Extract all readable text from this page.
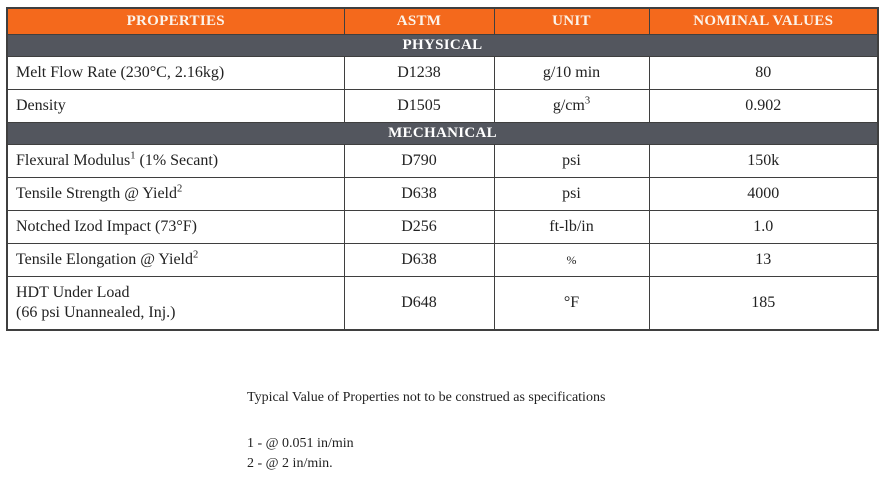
PROPERTIES	ASTM	UNIT	NOMINAL VALUES
PHYSICAL			
Melt Flow Rate (230°C, 2.16kg)	D1238	g/10 min	80
Density	D1505	$g/cm^3$	0.902
MECHANICAL			
Flexural Modulus$^1$ (1% Secant)	D790	psi	150k
Tensile Strength @ Yield$^2$	D638	psi	4000
Notched Izod Impact (73°F)	D256	ft-lb/in	1.0
Tensile Elongation @ Yield$^2$	D638	%	13
HDT Under Load
(66 psi Unannealed, Inj.)	D648	°F	185
Typical Value of Properties not to be construed as specifications
1 - @ 0.051 in/min
2 - @ 2 in/min.
